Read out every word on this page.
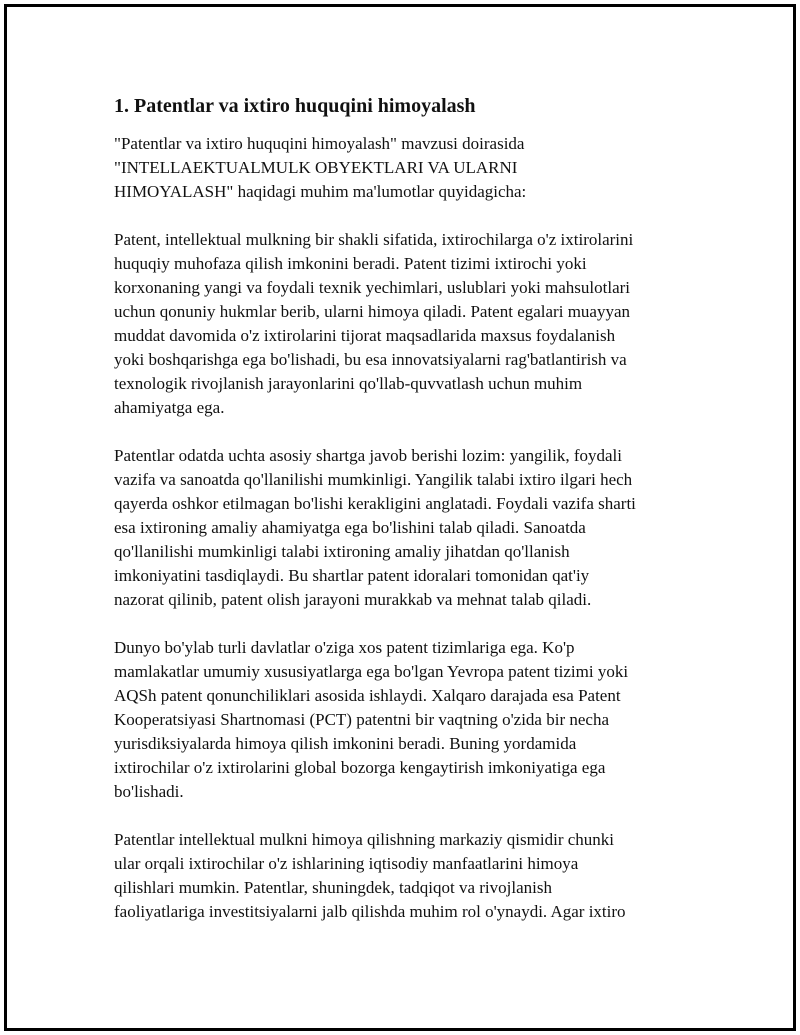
1. Patentlar va ixtiro huquqini himoyalash

"Patentlar va ixtiro huquqini himoyalash" mavzusi doirasida
"INTELLAEKTUALMULK OBYEKTLARI VA ULARNI
HIMOYALASH" haqidagi muhim ma'lumotlar quyidagicha:

Patent, intellektual mulkning bir shakli sifatida, ixtirochilarga o'z ixtirolarini
huquqiy muhofaza qilish imkonini beradi. Patent tizimi ixtirochi yoki
korxonaning yangi va foydali texnik yechimlari, uslublari yoki mahsulotlari
uchun qonuniy hukmlar berib, ularni himoya qiladi. Patent egalari muayyan
muddat davomida o'z ixtirolarini tijorat maqsadlarida maxsus foydalanish
yoki boshqarishga ega bo'lishadi, bu esa innovatsiyalarni rag'batlantirish va
texnologik rivojlanish jarayonlarini qo'llab-quvvatlash uchun muhim
ahamiyatga ega.

Patentlar odatda uchta asosiy shartga javob berishi lozim: yangilik, foydali
vazifa va sanoatda qo'llanilishi mumkinligi. Yangilik talabi ixtiro ilgari hech
qayerda oshkor etilmagan bo'lishi kerakligini anglatadi. Foydali vazifa sharti
esa ixtironing amaliy ahamiyatga ega bo'lishini talab qiladi. Sanoatda
qo'llanilishi mumkinligi talabi ixtironing amaliy jihatdan qo'llanish
imkoniyatini tasdiqlaydi. Bu shartlar patent idoralari tomonidan qat'iy
nazorat qilinib, patent olish jarayoni murakkab va mehnat talab qiladi.

Dunyo bo'ylab turli davlatlar o'ziga xos patent tizimlariga ega. Ko'p
mamlakatlar umumiy xususiyatlarga ega bo'lgan Yevropa patent tizimi yoki
AQSh patent qonunchiliklari asosida ishlaydi. Xalqaro darajada esa Patent
Kooperatsiyasi Shartnomasi (PCT) patentni bir vaqtning o'zida bir necha
yurisdiksiyalarda himoya qilish imkonini beradi. Buning yordamida
ixtirochilar o'z ixtirolarini global bozorga kengaytirish imkoniyatiga ega
bo'lishadi.

Patentlar intellektual mulkni himoya qilishning markaziy qismidir chunki
ular orqali ixtirochilar o'z ishlarining iqtisodiy manfaatlarini himoya
qilishlari mumkin. Patentlar, shuningdek, tadqiqot va rivojlanish
faoliyatlariga investitsiyalarni jalb qilishda muhim rol o'ynaydi. Agar ixtiro
